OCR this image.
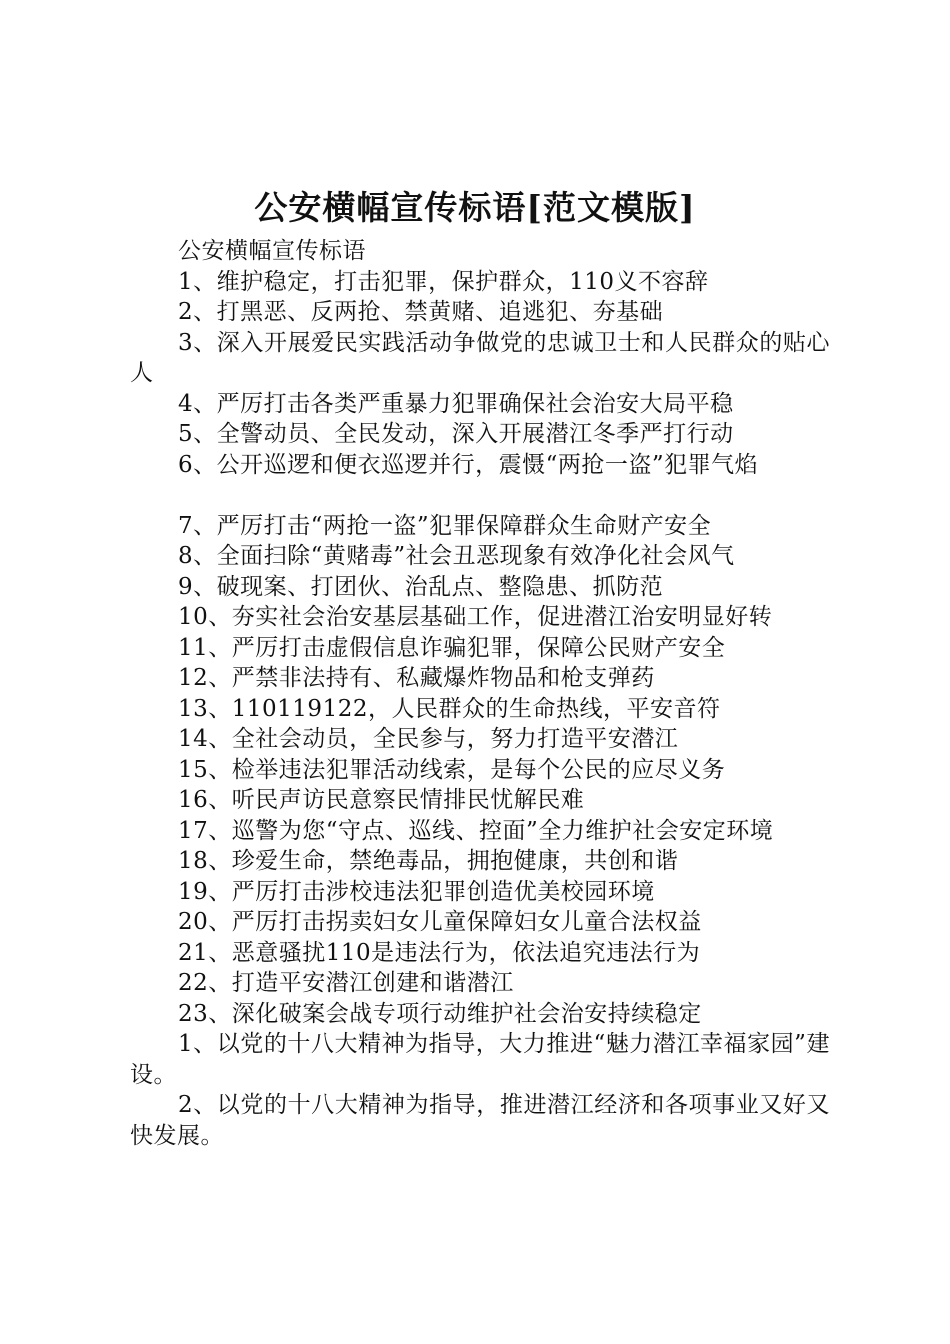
公安横幅宣传标语[范文模版]

公安横幅宣传标语

1、维护稳定，打击犯罪，保护群众，110义不容辞

2、打黑恶、反两抢、禁黄赌、追逃犯、夯基础

3、深入开展爱民实践活动争做党的忠诚卫士和人民群众的贴心人

4、严厉打击各类严重暴力犯罪确保社会治安大局平稳

5、全警动员、全民发动，深入开展潜江冬季严打行动

6、公开巡逻和便衣巡逻并行，震慑“两抢一盗”犯罪气焰

7、严厉打击“两抢一盗”犯罪保障群众生命财产安全

8、全面扫除“黄赌毒”社会丑恶现象有效净化社会风气

9、破现案、打团伙、治乱点、整隐患、抓防范

10、夯实社会治安基层基础工作，促进潜江治安明显好转

11、严厉打击虚假信息诈骗犯罪，保障公民财产安全

12、严禁非法持有、私藏爆炸物品和枪支弹药

13、110119122，人民群众的生命热线，平安音符

14、全社会动员，全民参与，努力打造平安潜江

15、检举违法犯罪活动线索，是每个公民的应尽义务

16、听民声访民意察民情排民忧解民难

17、巡警为您“守点、巡线、控面”全力维护社会安定环境

18、珍爱生命，禁绝毒品，拥抱健康，共创和谐

19、严厉打击涉校违法犯罪创造优美校园环境

20、严厉打击拐卖妇女儿童保障妇女儿童合法权益

21、恶意骚扰110是违法行为，依法追究违法行为

22、打造平安潜江创建和谐潜江

23、深化破案会战专项行动维护社会治安持续稳定

1、以党的十八大精神为指导，大力推进“魅力潜江幸福家园”建设。

2、以党的十八大精神为指导，推进潜江经济和各项事业又好又快发展。
